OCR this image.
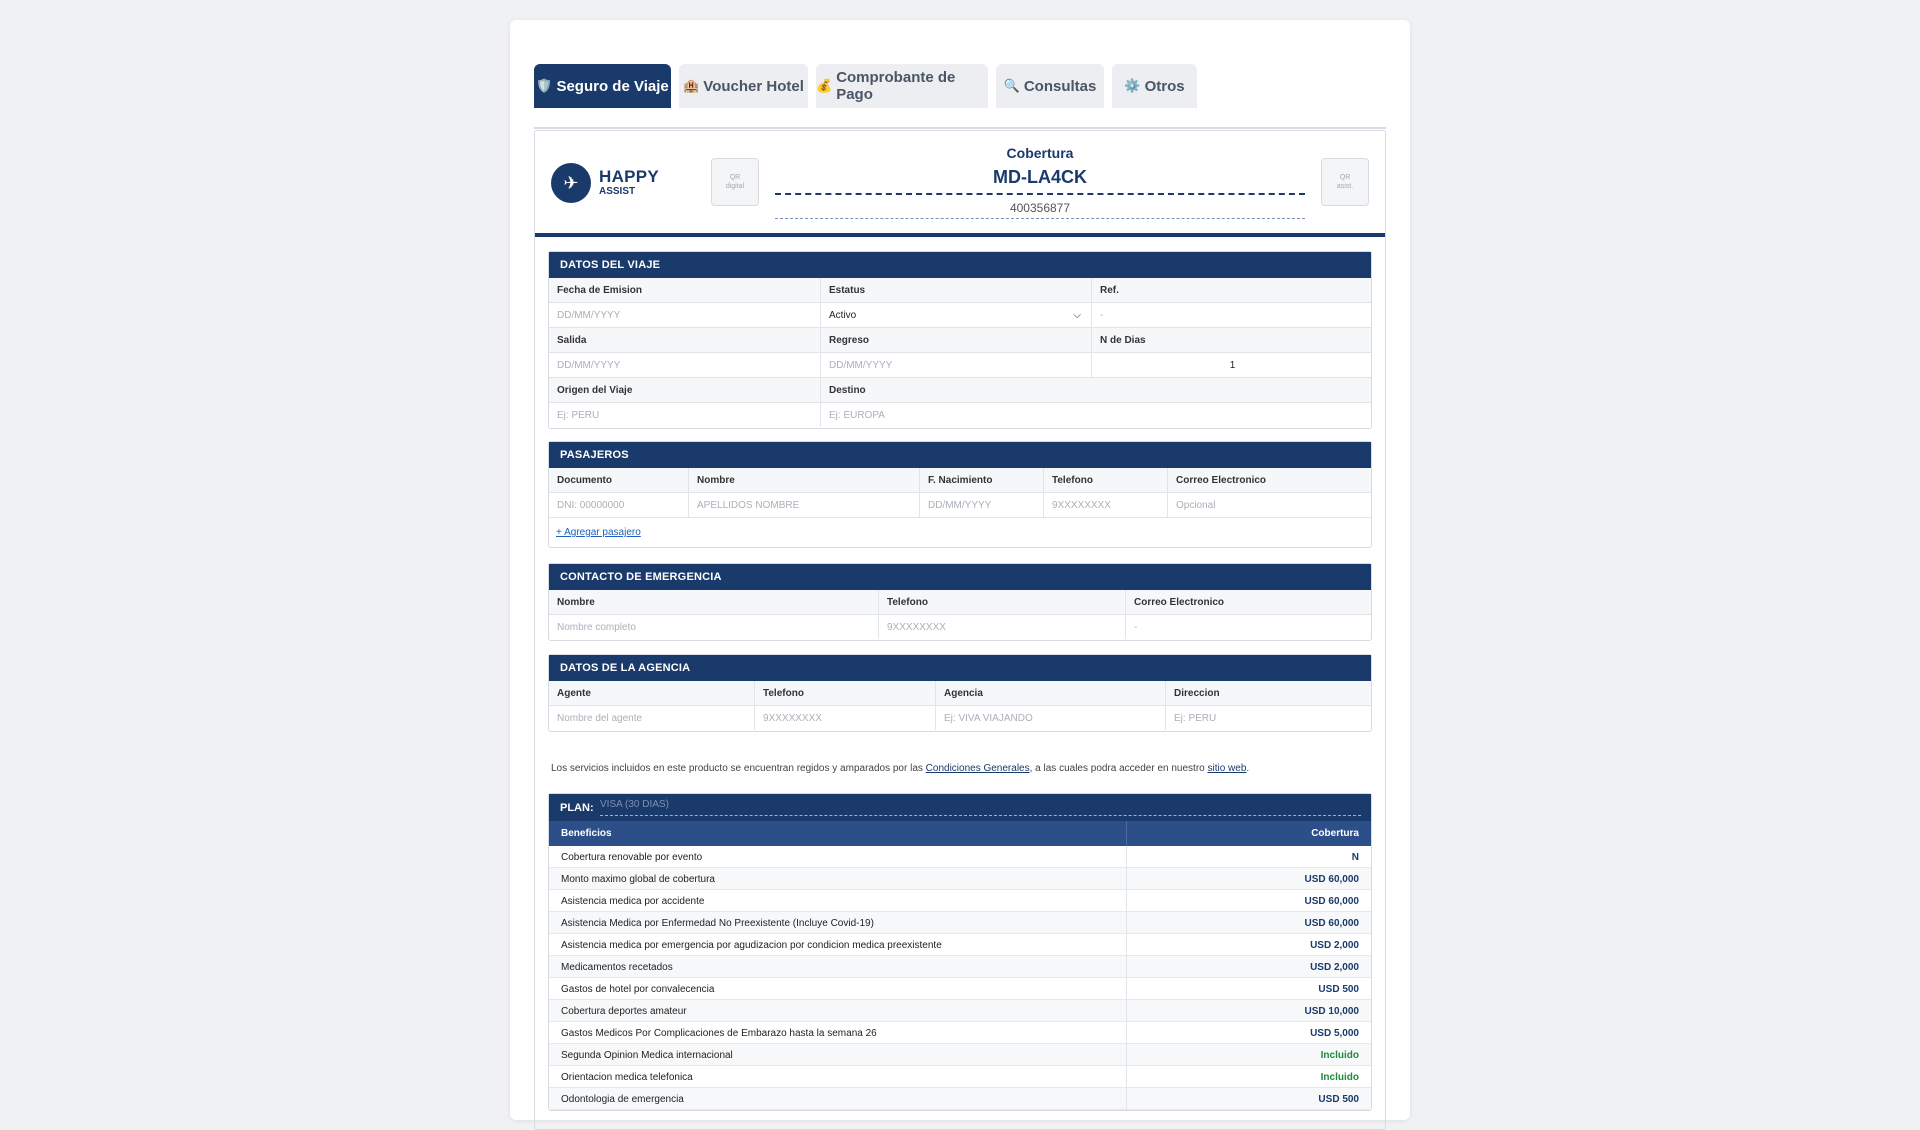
🛡️ Seguro de Viaje 🏨 Voucher Hotel 💰 Comprobante de Pago
🔍 Consultas ⚙️ Otros
✈	HAPPY
ASSIST
QR
digital
Cobertura
MD-LA4CK
400356877
QR
asist.
DATOS DEL VIAJE
Fecha de Emision	Estatus	Ref.
DD/MM/YYYY	Activo	⌵	-
Salida	Regreso	N de Dias
DD/MM/YYYY	DD/MM/YYYY	1
Origen del Viaje	Destino
Ej: PERU	Ej: EUROPA
PASAJEROS
Documento	Nombre	F. Nacimiento	Telefono	Correo Electronico
DNI: 00000000	APELLIDOS NOMBRE	DD/MM/YYYY	9XXXXXXXX	Opcional
+ Agregar pasajero
CONTACTO DE EMERGENCIA
Nombre	Telefono	Correo Electronico
Nombre completo	9XXXXXXXX	-
DATOS DE LA AGENCIA
Agente	Telefono	Agencia	Direccion
Nombre del agente	9XXXXXXXX	Ej: VIVA VIAJANDO	Ej: PERU
Los servicios incluidos en este producto se encuentran regidos y amparados por las Condiciones Generales, a las cuales podra acceder en nuestro sitio web.
PLAN: VISA (30 DIAS)
Beneficios	Cobertura
Cobertura renovable por evento	N
Monto maximo global de cobertura	USD 60,000
Asistencia medica por accidente	USD 60,000
Asistencia Medica por Enfermedad No Preexistente (Incluye Covid-19)	USD 60,000
Asistencia medica por emergencia por agudizacion por condicion medica preexistente	USD 2,000
Medicamentos recetados	USD 2,000
Gastos de hotel por convalecencia	USD 500
Cobertura deportes amateur	USD 10,000
Gastos Medicos Por Complicaciones de Embarazo hasta la semana 26	USD 5,000
Segunda Opinion Medica internacional	Incluido
Orientacion medica telefonica	Incluido
Odontologia de emergencia	USD 500
